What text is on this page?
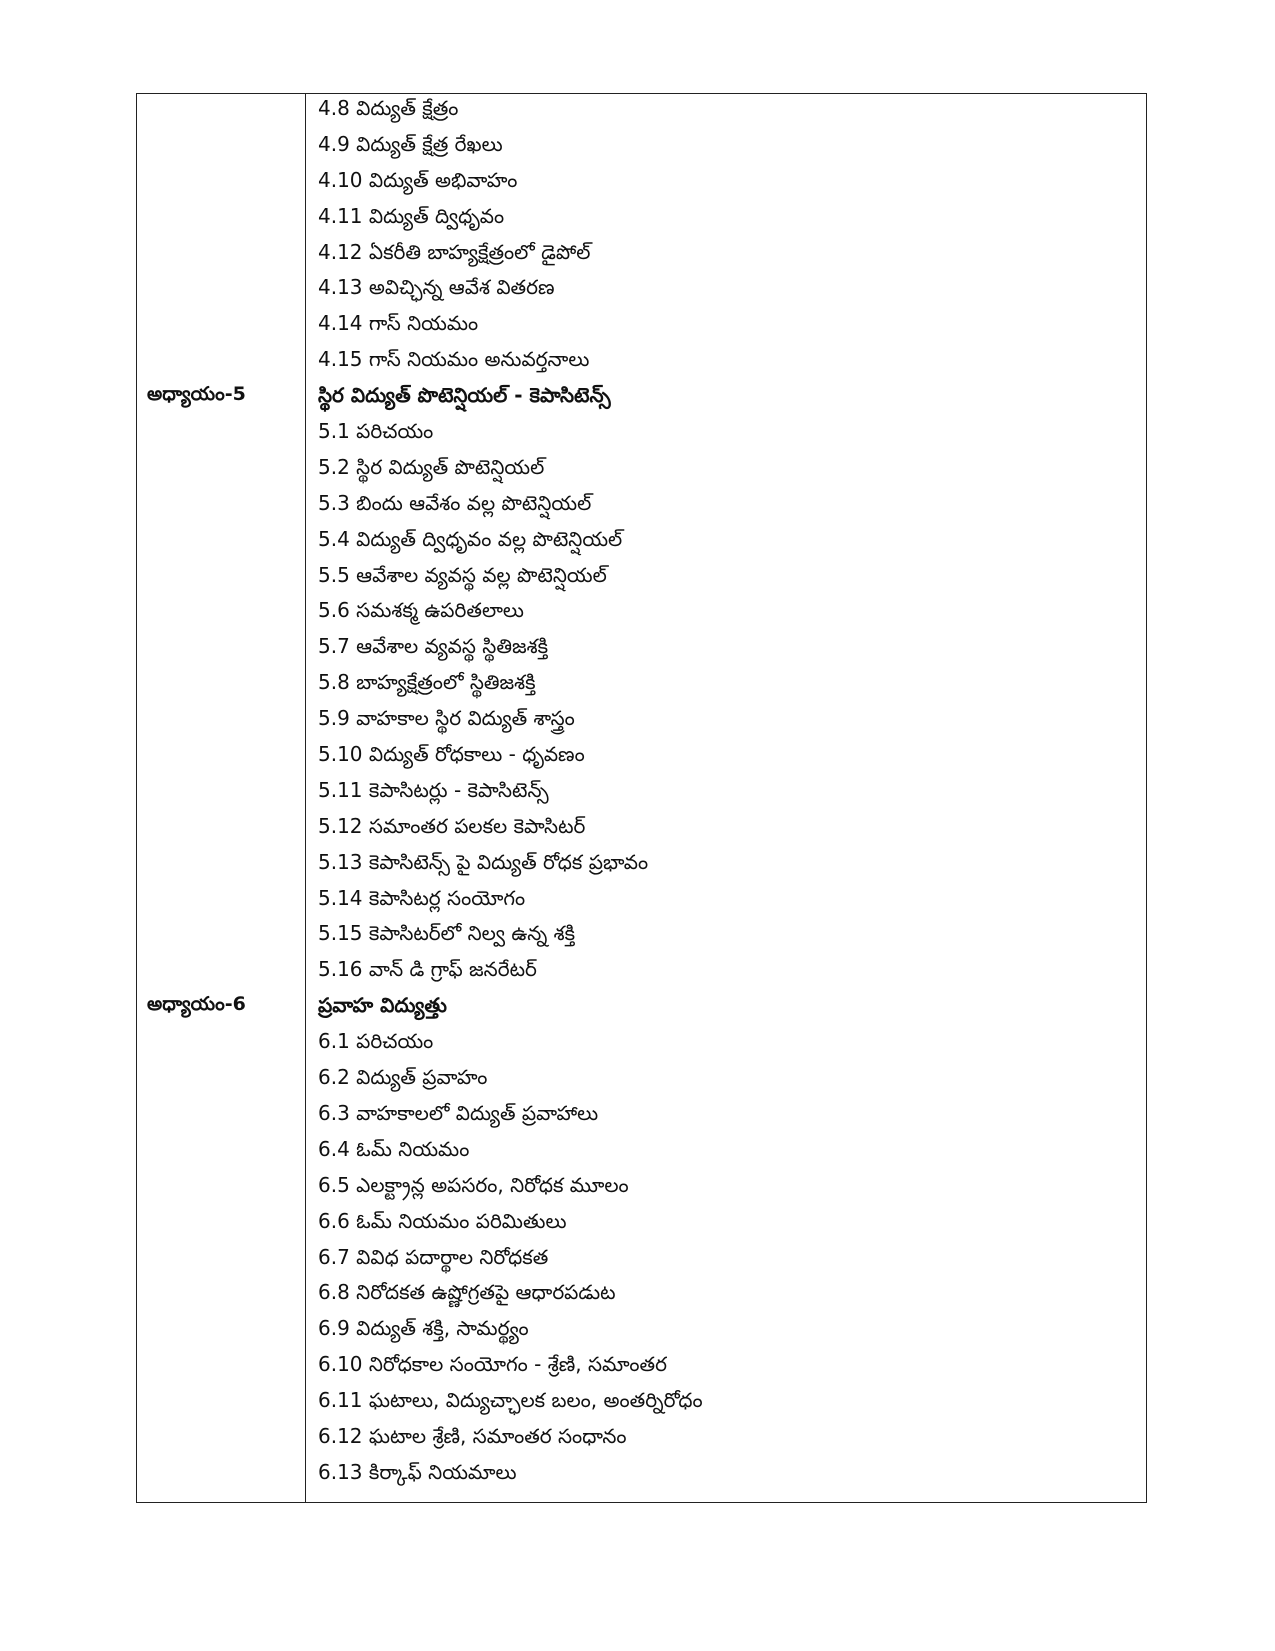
4.8 విద్యుత్ క్షేత్రం
4.9 విద్యుత్ క్షేత్ర రేఖలు
4.10 విద్యుత్ అభివాహం
4.11 విద్యుత్ ద్విధృవం
4.12 ఏకరీతి బాహ్యక్షేత్రంలో డైపోల్
4.13 అవిచ్ఛిన్న ఆవేశ వితరణ
4.14 గాస్ నియమం
4.15 గాస్ నియమం అనువర్తనాలు
అధ్యాయం-5	స్థిర విద్యుత్ పొటెన్షియల్ - కెపాసిటెన్స్
5.1 పరిచయం
5.2 స్థిర విద్యుత్ పొటెన్షియల్
5.3 బిందు ఆవేశం వల్ల పొటెన్షియల్
5.4 విద్యుత్ ద్విధృవం వల్ల పొటెన్షియల్
5.5 ఆవేశాల వ్యవస్థ వల్ల పొటెన్షియల్
5.6 సమశక్మ ఉపరితలాలు
5.7 ఆవేశాల వ్యవస్థ స్థితిజశక్తి
5.8 బాహ్యక్షేత్రంలో స్థితిజశక్తి
5.9 వాహకాల స్థిర విద్యుత్ శాస్త్రం
5.10 విద్యుత్ రోధకాలు - ధృవణం
5.11 కెపాసిటర్లు - కెపాసిటెన్స్
5.12 సమాంతర పలకల కెపాసిటర్
5.13 కెపాసిటెన్స్ పై విద్యుత్ రోధక ప్రభావం
5.14 కెపాసిటర్ల సంయోగం
5.15 కెపాసిటర్‌లో నిల్వ ఉన్న శక్తి
5.16 వాన్ డి గ్రాఫ్ జనరేటర్
అధ్యాయం-6	ప్రవాహ విద్యుత్తు
6.1 పరిచయం
6.2 విద్యుత్ ప్రవాహం
6.3 వాహకాలలో విద్యుత్ ప్రవాహాలు
6.4 ఓమ్ నియమం
6.5 ఎలక్ట్రాన్ల అపసరం, నిరోధక మూలం
6.6 ఓమ్ నియమం పరిమితులు
6.7 వివిధ పదార్థాల నిరోధకత
6.8 నిరోదకత ఉష్ణోగ్రతపై ఆధారపడుట
6.9 విద్యుత్ శక్తి, సామర్థ్యం
6.10 నిరోధకాల సంయోగం - శ్రేణి, సమాంతర
6.11 ఘటాలు, విద్యుచ్ఛాలక బలం, అంతర్నిరోధం
6.12 ఘటాల శ్రేణి, సమాంతర సంధానం
6.13 కిర్కాఫ్ నియమాలు
